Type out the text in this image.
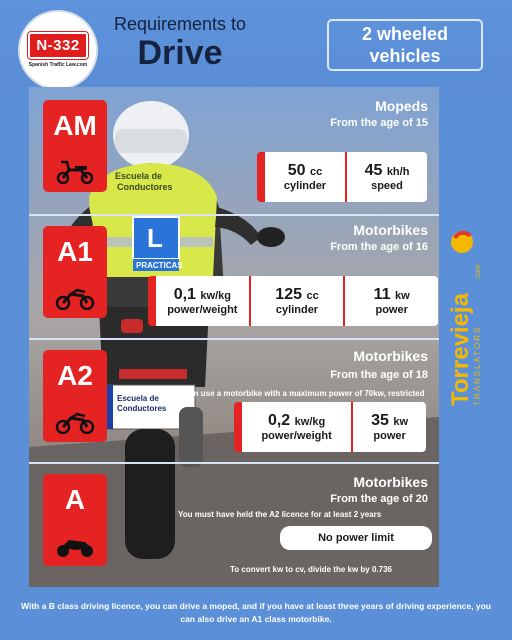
N-332
Spanish Traffic Law.com
Requirements to
Drive	2 wheeled
vehicles
Escuela de
Conductores
L
PRACTICAS
Escuela de
Conductores
AM
Mopeds
From the age of 15
50 cc
cylinder
45 kh/h
speed
A1
Motorbikes
From the age of 16
0,1 kw/kg
power/weight
125 cc
cylinder
11 kw
power
A2
Motorbikes
From the age of 18
You can use a motorbike with a maximum power of 70kw, restricted
0,2 kw/kg
power/weight
35 kw
power
A
Motorbikes
From the age of 20
You must have held the A2 licence for at least 2 years
No power limit
To convert kw to cv, divide the kw by 0.736
Torrevieja TRANSLATORS
.com
With a B class driving licence, you can drive a moped, and if you have at least three years of driving experience, you can also drive an A1 class motorbike.
